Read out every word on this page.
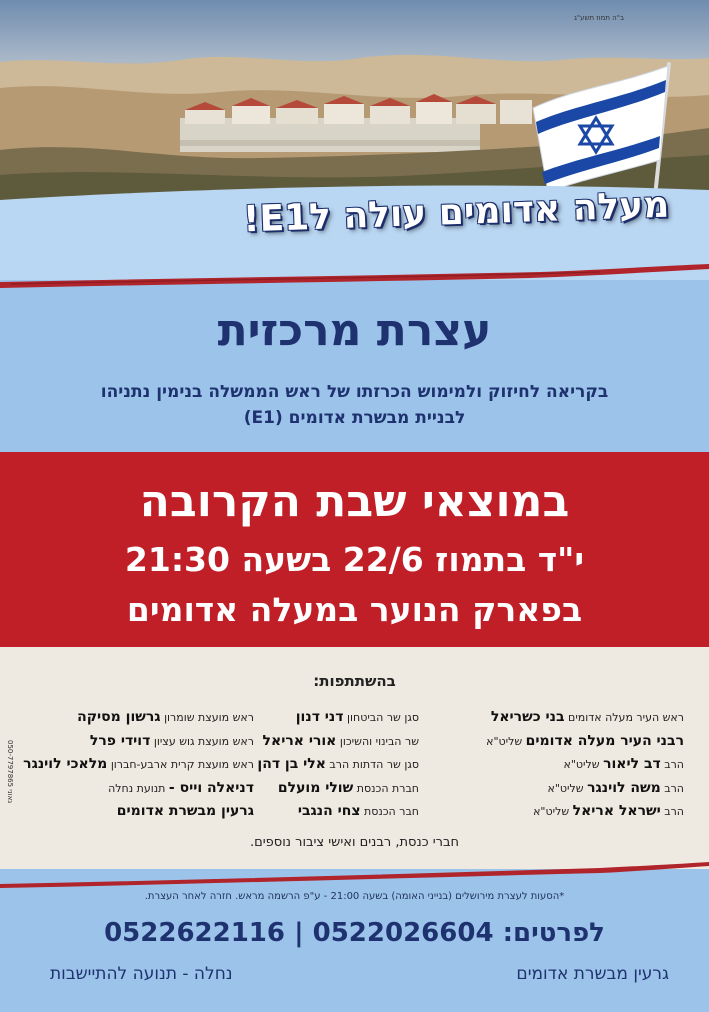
ב"ה תמוז תשע"ג
מעלה אדומים עולה לE1!
עצרת מרכזית
בקריאה לחיזוק ולמימוש הכרזתו של ראש הממשלה בנימין נתניהו
לבניית מבשרת אדומים (E1)
במוצאי שבת הקרובה
י"ד בתמוז 22/6 בשעה 21:30
בפארק הנוער במעלה אדומים
בהשתתפות:
ראש העיר מעלה אדומים בני כשריאל
רבני העיר מעלה אדומים שליט"א
הרב דב ליאור שליט"א
הרב משה לוינגר שליט"א
הרב ישראל אריאל שליט"א
סגן שר הביטחון דני דנון
שר הבינוי והשיכון אורי אריאל
סגן שר הדתות הרב אלי בן דהן
חברת הכנסת שולי מועלם
חבר הכנסת צחי הנגבי
ראש מועצת שומרון גרשון מסיקה
ראש מועצת גוש עציון דוידי פרל
ראש מועצת קרית ארבע-חברון מלאכי לוינגר
דניאלה וייס - תנועת נחלה
גרעין מבשרת אדומים
חברי כנסת, רבנים ואישי ציבור נוספים.
גאוני 050-7797865
*הסעות לעצרת מירושלים (בנייני האומה) בשעה 21:00 - ע"פ הרשמה מראש. חזרה לאחר העצרת.
לפרטים: 0522026604 | 0522622116
גרעין מבשרת אדומים
נחלה - תנועה להתיישבות
